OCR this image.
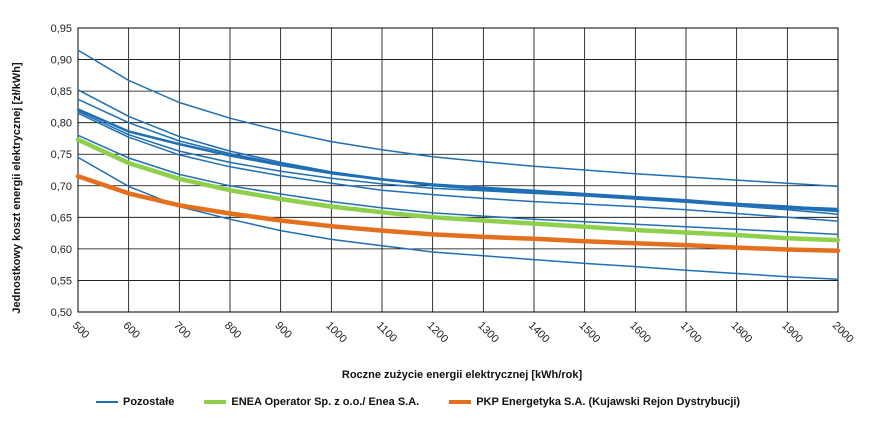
0,50
0,55
0,60
0,65
0,70
0,75
0,80
0,85
0,90
0,95
500	600	700	800	900	1000 1100 1200 1300 1400 1500 1600 1700 1800 1900 2000
Jednostkowy koszt energii elektrycznej [zł/kWh]
Roczne zużycie energii elektrycznej [kWh/rok]
Pozostałe	ENEA Operator Sp. z o.o./ Enea S.A.	PKP Energetyka S.A. (Kujawski Rejon Dystrybucji)
